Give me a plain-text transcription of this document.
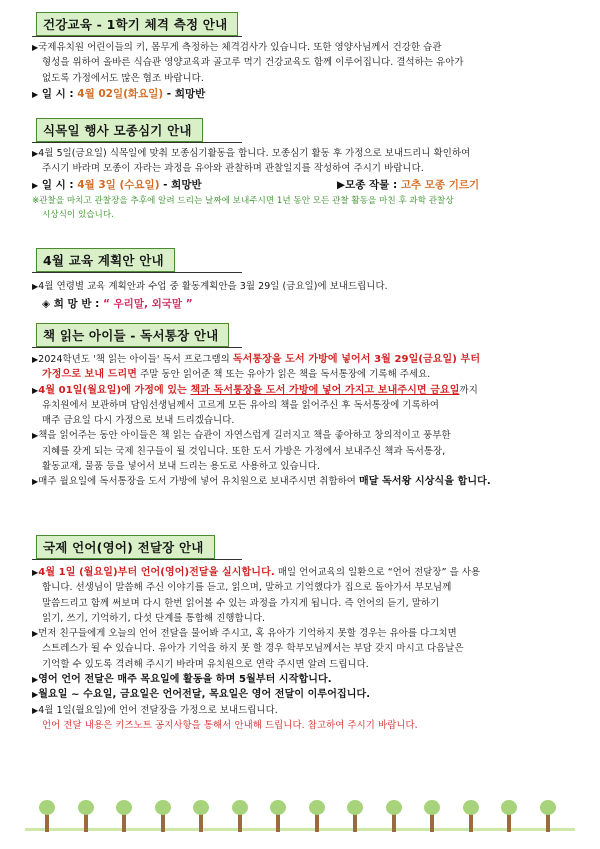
건강교육 - 1학기 체격 측정 안내

▶ 국제유치원 어린이들의 키, 몸무게 측정하는 체격검사가 있습니다. 또한 영양사님께서 건강한 습관

형성을 위하여 올바른 식습관 영양교육과 골고루 먹기 건강교육도 함께 이루어집니다. 결석하는 유아가

없도록 가정에서도 많은 협조 바랍니다.

▶ 일 시 : 4월 02일(화요일) - 희망반
식목일 행사 모종심기 안내

▶ 4월 5일(금요일) 식목일에 맞춰 모종심기활동을 합니다. 모종심기 활동 후 가정으로 보내드리니 확인하여

주시기 바라며 모종이 자라는 과정을 유아와 관찰하며 관찰일지를 작성하여 주시기 바랍니다.

▶ 일 시 : 4월 3일 (수요일) - 희망반	▶모종 작물 : 고추 모종 기르기

※관찰을 마치고 관찰장을 추후에 알려 드리는 날짜에 보내주시면 1년 동안 모든 관찰 활동을 마친 후 과학 관찰상

시상식이 있습니다.

4월 교육 계획안 안내

▶ 4월 연령별 교육 계획안과 수업 중 활동계획안을 3월 29일 (금요일)에 보내드립니다.

◈ 희 망 반 : “ 우리말, 외국말 ”
책 읽는 아이들 - 독서통장 안내

▶ 2024학년도 '책 읽는 아이들' 독서 프로그램의 독서통장을 도서 가방에 넣어서 3월 29일(금요일) 부터

가정으로 보내 드리면 주말 동안 읽어준 책 또는 유아가 읽은 책을 독서통장에 기록해 주세요.

▶ 4월 01일(월요일)에 가정에 있는 책과 독서통장을 도서 가방에 넣어 가지고 보내주시면 금요일까지

유치원에서 보관하며 담임선생님께서 고르게 모든 유아의 책을 읽어주신 후 독서통장에 기록하여

매주 금요일 다시 가정으로 보내 드리겠습니다.

▶ 책을 읽어주는 동안 아이들은 책 읽는 습관이 자연스럽게 길러지고 책을 좋아하고 창의적이고 풍부한

지혜를 갖게 되는 국제 친구들이 될 것입니다. 또한 도서 가방은 가정에서 보내주신 책과 독서통장,

활동교재, 물품 등을 넣어서 보내 드리는 용도로 사용하고 있습니다.

▶ 매주 월요일에 독서통장을 도서 가방에 넣어 유치원으로 보내주시면 취합하여 매달 독서왕 시상식을 합니다.

국제 언어(영어) 전달장 안내

▶ 4월 1일 (월요일)부터 언어(영어)전달을 실시합니다. 매일 언어교육의 일환으로 “언어 전달장” 을 사용

합니다. 선생님이 말씀해 주신 이야기를 듣고, 읽으며, 말하고 기억했다가 집으로 돌아가서 부모님께

말씀드리고 함께 써보며 다시 한번 읽어볼 수 있는 과정을 가지게 됩니다. 즉 언어의 듣기, 말하기

읽기, 쓰기, 기억하기, 다섯 단계를 통합해 진행합니다.

▶ 먼저 친구들에게 오늘의 언어 전달을 물어봐 주시고, 혹 유아가 기억하지 못할 경우는 유아를 다그치면

스트레스가 될 수 있습니다. 유아가 기억을 하지 못 할 경우 학부모님께서는 부담 갖지 마시고 다음날은

기억할 수 있도록 격려해 주시기 바라며 유치원으로 연락 주시면 알려 드립니다.

▶ 영어 언어 전달은 매주 목요일에 활동을 하며 5월부터 시작합니다.

▶ 월요일 ~ 수요일, 금요일은 언어전달, 목요일은 영어 전달이 이루어집니다.

▶ 4월 1일(월요일)에 언어 전달장을 가정으로 보내드립니다.

언어 전달 내용은 키즈노트 공지사항을 통해서 안내해 드립니다. 참고하여 주시기 바랍니다.
